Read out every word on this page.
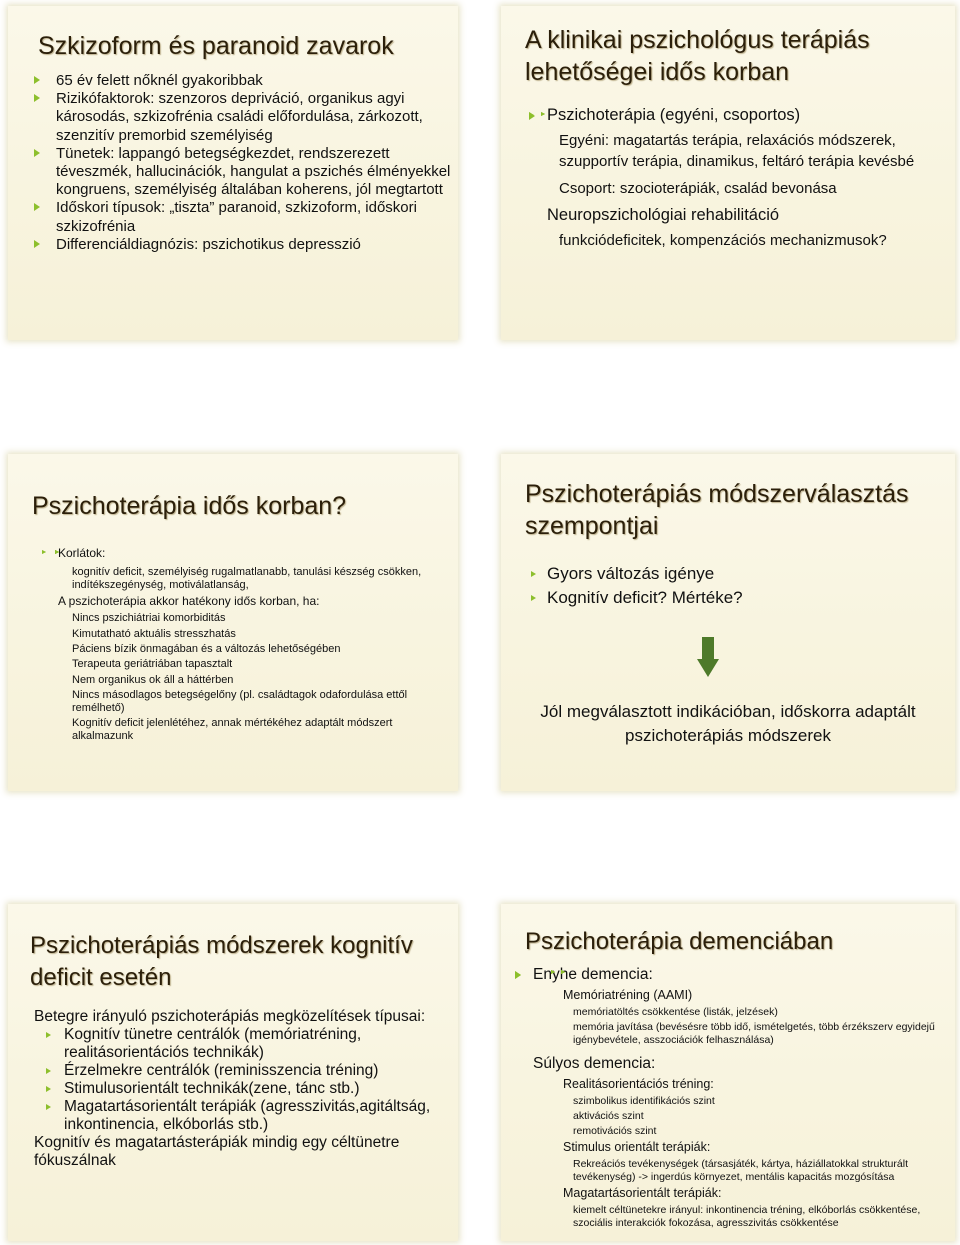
Szkizoform és paranoid zavarok
65 év felett nőknél gyakoribbak
Rizikófaktorok: szenzoros depriváció, organikus agyi károsodás, szkizofrénia családi előfordulása, zárkozott, szenzitív premorbid személyiség
Tünetek: lappangó betegségkezdet, rendszerezett téveszmék, hallucinációk, hangulat a pszichés élményekkel kongruens, személyiség általában koherens, jól megtartott
Időskori típusok: „tiszta” paranoid, szkizoform, időskori szkizofrénia
Differenciáldiagnózis: pszichotikus depresszió
A klinikai pszichológus terápiás lehetőségei idős korban
Pszichoterápia (egyéni, csoportos)
Egyéni: magatartás terápia, relaxációs módszerek, szupportív terápia, dinamikus, feltáró terápia kevésbé
Csoport: szocioterápiák, család bevonása
Neuropszichológiai rehabilitáció
funkciódeficitek, kompenzációs mechanizmusok?
Pszichoterápia idős korban?
Korlátok:
kognitív deficit, személyiség rugalmatlanabb, tanulási készség csökken, indítékszegénység, motiválatlanság,
A pszichoterápia akkor hatékony idős korban, ha:
Nincs pszichiátriai komorbiditás
Kimutatható aktuális stresszhatás
Páciens bízik önmagában és a változás lehetőségében
Terapeuta geriátriában tapasztalt
Nem organikus ok áll a háttérben
Nincs másodlagos betegségelőny (pl. családtagok odafordulása ettől remélhető)
Kognitív deficit jelenlétéhez, annak mértékéhez adaptált módszert alkalmazunk
Pszichoterápiás módszerválasztás szempontjai
Gyors változás igénye
Kognitív deficit? Mértéke?
Jól megválasztott indikációban, időskorra adaptált pszichoterápiás módszerek
Pszichoterápiás módszerek kognitív deficit esetén

Betegre irányuló pszichoterápiás megközelítések típusai:

Kognitív tünetre centrálók (memóriatréning, realitásorientációs technikák)
Érzelmekre centrálók (reminisszencia tréning)
Stimulusorientált technikák(zene, tánc stb.)
Magatartásorientált terápiák (agresszivitás,agitáltság, inkontinencia, elkóborlás stb.)

Kognitív és magatartásterápiák mindig egy céltünetre fókuszálnak

Pszichoterápia demenciában
Enyhe demencia:
Memóriatréning (AAMI)
memóriatöltés csökkentése (listák, jelzések)
memória javítása (bevésésre több idő, ismételgetés, több érzékszerv egyidejű igénybevétele, asszociációk felhasználása)
Súlyos demencia:
Realitásorientációs tréning:
szimbolikus identifikációs szint
aktivációs szint
remotivációs szint
Stimulus orientált terápiák:
Rekreációs tevékenységek (társasjáték, kártya, háziállatokkal strukturált tevékenység) -> ingerdús környezet, mentális kapacitás mozgósítása
Magatartásorientált terápiák:
kiemelt céltünetekre irányul: inkontinencia tréning, elkóborlás csökkentése, szociális interakciók fokozása, agresszivitás csökkentése
